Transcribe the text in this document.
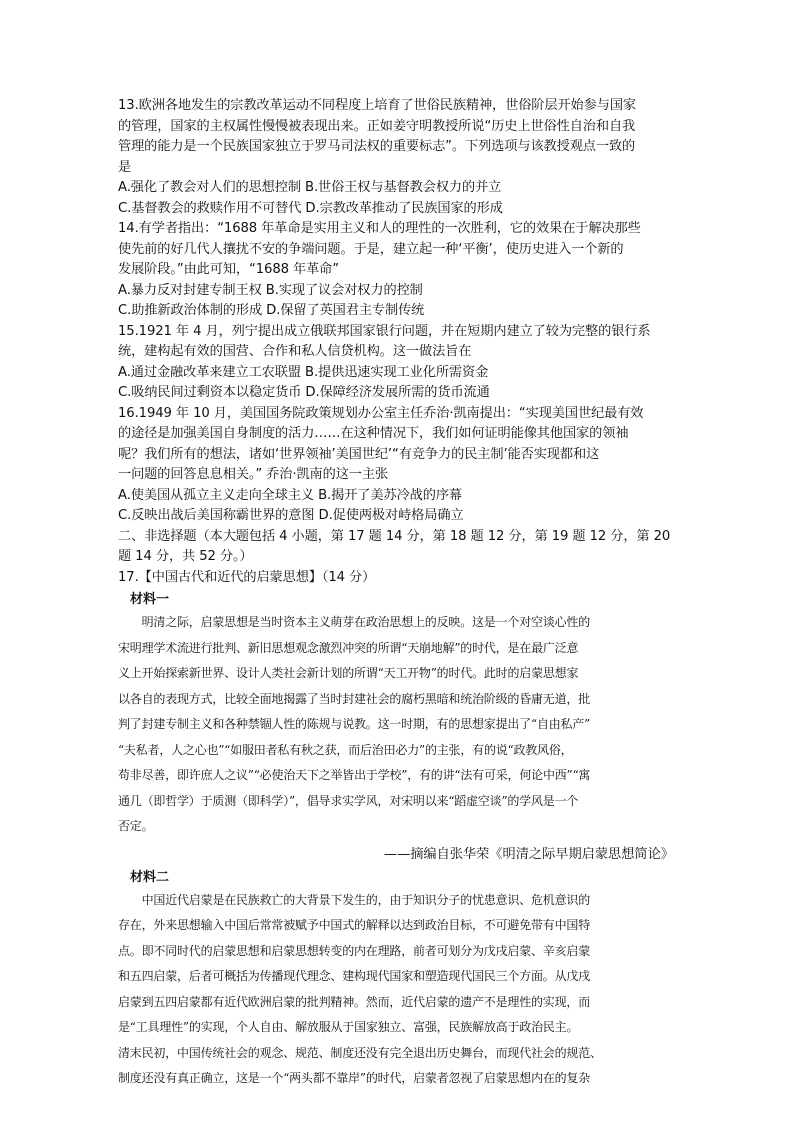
13.欧洲各地发生的宗教改革运动不同程度上培育了世俗民族精神，世俗阶层开始参与国家
的管理，国家的主权属性慢慢被表现出来。正如姜守明教授所说“历史上世俗性自治和自我
管理的能力是一个民族国家独立于罗马司法权的重要标志”。下列选项与该教授观点一致的
是
A.强化了教会对人们的思想控制 B.世俗王权与基督教会权力的并立
C.基督教会的救赎作用不可替代 D.宗教改革推动了民族国家的形成
14.有学者指出：“1688 年革命是实用主义和人的理性的一次胜利，它的效果在于解决那些
使先前的好几代人攘扰不安的争端问题。于是，建立起一种‘平衡’，使历史进入一个新的
发展阶段。”由此可知，“1688 年革命”
A.暴力反对封建专制王权 B.实现了议会对权力的控制
C.助推新政治体制的形成 D.保留了英国君主专制传统
15.1921 年 4 月，列宁提出成立俄联邦国家银行问题，并在短期内建立了较为完整的银行系
统，建构起有效的国营、合作和私人信贷机构。这一做法旨在
A.通过金融改革来建立工农联盟 B.提供迅速实现工业化所需资金
C.吸纳民间过剩资本以稳定货币 D.保障经济发展所需的货币流通
16.1949 年 10 月，美国国务院政策规划办公室主任乔治·凯南提出：“实现美国世纪最有效
的途径是加强美国自身制度的活力……在这种情况下，我们如何证明能像其他国家的领袖
呢？我们所有的想法，诸如‘世界领袖’美国世纪’“有竞争力的民主制’能否实现都和这
一问题的回答息息相关。” 乔治·凯南的这一主张
A.使美国从孤立主义走向全球主义 B.揭开了美苏冷战的序幕
C.反映出战后美国称霸世界的意图 D.促使两极对峙格局确立
二、非选择题（本大题包括 4 小题，第 17 题 14 分，第 18 题 12 分，第 19 题 12 分，第 20
题 14 分，共 52 分。）
17.【中国古代和近代的启蒙思想】（14 分）
材料一
　　明清之际，启蒙思想是当时资本主义萌芽在政治思想上的反映。这是一个对空谈心性的
宋明理学术流进行批判、新旧思想观念激烈冲突的所谓“天崩地解”的时代，是在最广泛意
义上开始探索新世界、设计人类社会新计划的所谓“天工开物”的时代。此时的启蒙思想家
以各自的表现方式，比较全面地揭露了当时封建社会的腐朽黑暗和统治阶级的昏庸无道，批
判了封建专制主义和各种禁锢人性的陈规与说教。这一时期，有的思想家提出了“自由私产”
“夫私者，人之心也”“如服田者私有秋之获，而后治田必力”的主张，有的说“政教风俗，
苟非尽善，即许庶人之议”“必使治天下之举皆出于学校”，有的讲“法有可采，何论中西”“寓
通几（即哲学）于质测（即科学）”，倡导求实学风，对宋明以来“蹈虚空谈”的学风是一个
否定。
——摘编自张华荣《明清之际早期启蒙思想简论》
材料二
　　中国近代启蒙是在民族救亡的大背景下发生的，由于知识分子的忧患意识、危机意识的
存在，外来思想输入中国后常常被赋予中国式的解释以达到政治目标，不可避免带有中国特
点。即不同时代的启蒙思想和启蒙思想转变的内在理路，前者可划分为戊戌启蒙、辛亥启蒙
和五四启蒙，后者可概括为传播现代理念、建构现代国家和塑造现代国民三个方面。从戊戌
启蒙到五四启蒙都有近代欧洲启蒙的批判精神。然而，近代启蒙的遗产不是理性的实现，而
是“工具理性”的实现，个人自由、解放服从于国家独立、富强，民族解放高于政治民主。
清末民初，中国传统社会的观念、规范、制度还没有完全退出历史舞台，而现代社会的规范、
制度还没有真正确立，这是一个“两头都不靠岸”的时代，启蒙者忽视了启蒙思想内在的复杂
